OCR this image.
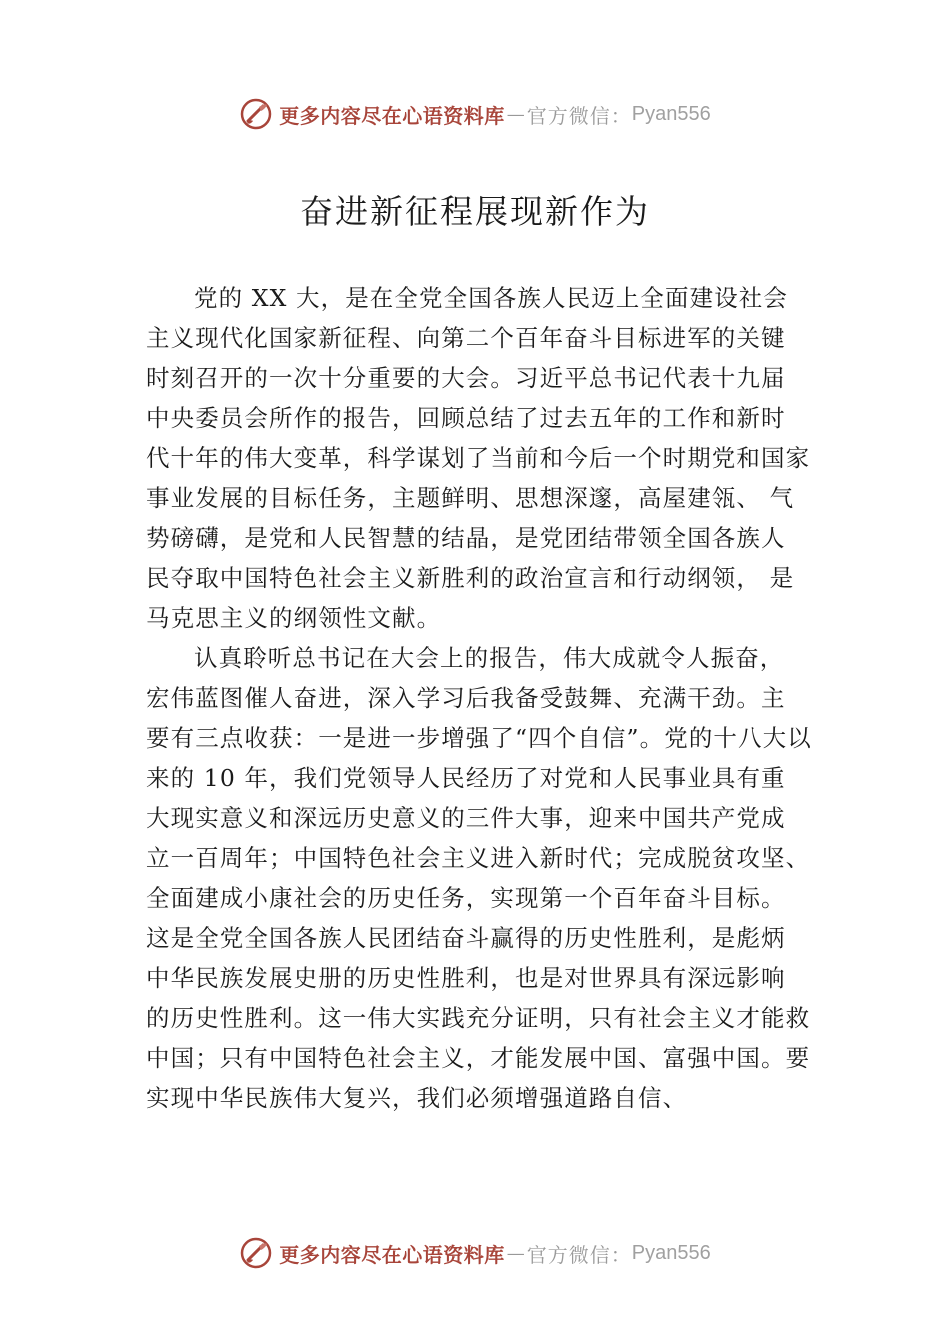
更多内容尽在心语资料库 — 官方微信： Pyan556
奋进新征程展现新作为
党的 XX 大，是在全党全国各族人民迈上全面建设社会
主义现代化国家新征程、向第二个百年奋斗目标进军的关键
时刻召开的一次十分重要的大会。习近平总书记代表十九届
中央委员会所作的报告，回顾总结了过去五年的工作和新时
代十年的伟大变革，科学谋划了当前和今后一个时期党和国家
事业发展的目标任务，主题鲜明、思想深邃，高屋建瓴、 气
势磅礴，是党和人民智慧的结晶，是党团结带领全国各族人
民夺取中国特色社会主义新胜利的政治宣言和行动纲领， 是
马克思主义的纲领性文献。
认真聆听总书记在大会上的报告，伟大成就令人振奋，
宏伟蓝图催人奋进，深入学习后我备受鼓舞、充满干劲。主
要有三点收获：一是进一步增强了“四个自信”。党的十八大以
来的 10 年，我们党领导人民经历了对党和人民事业具有重
大现实意义和深远历史意义的三件大事，迎来中国共产党成
立一百周年；中国特色社会主义进入新时代；完成脱贫攻坚、
全面建成小康社会的历史任务，实现第一个百年奋斗目标。
这是全党全国各族人民团结奋斗赢得的历史性胜利，是彪炳
中华民族发展史册的历史性胜利，也是对世界具有深远影响
的历史性胜利。这一伟大实践充分证明，只有社会主义才能救
中国；只有中国特色社会主义，才能发展中国、富强中国。要
实现中华民族伟大复兴，我们必须增强道路自信、
更多内容尽在心语资料库 — 官方微信： Pyan556
